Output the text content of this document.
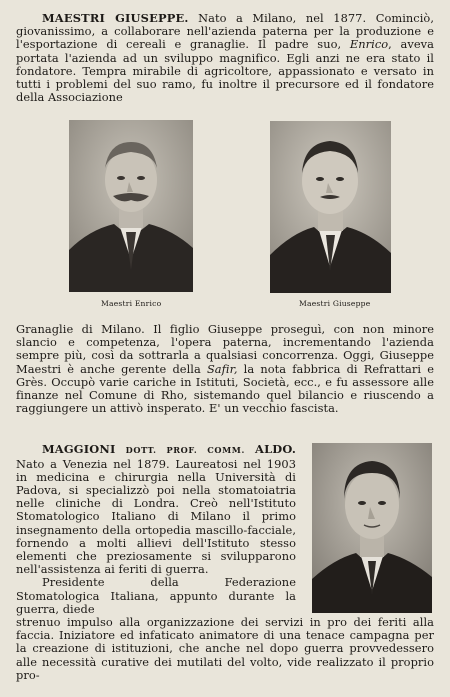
MAESTRI GIUSEPPE. Nato a Milano, nel 1877. Cominciò, giovanissimo, a collaborare nell'azienda paterna per la produzione e l'esportazione di cereali e granaglie. Il padre suo, Enrico, aveva portata l'azienda ad un sviluppo magnifico. Egli anzi ne era stato il fondatore. Tempra mirabile di agricoltore, appassionato e versato in tutti i problemi del suo ramo, fu inoltre il precursore ed il fondatore della Associazione
Maestri Enrico	Maestri Giuseppe
Granaglie di Milano. Il figlio Giuseppe proseguì, con non minore slancio e competenza, l'opera paterna, incrementando l'azienda sempre più, così da sottrarla a qualsiasi concorrenza. Oggi, Giuseppe Maestri è anche gerente della Safir, la nota fabbrica di Refrattari e Grès. Occupò varie cariche in Istituti, Società, ecc., e fu assessore alle finanze nel Comune di Rho, sistemando quel bilancio e riuscendo a raggiungere un attivò insperato. E' un vecchio fascista.
MAGGIONI DOTT. PROF. COMM. ALDO. Nato a Venezia nel 1879. Laureatosi nel 1903 in medicina e chirurgia nella Università di Padova, si specializzò poi nella stomatoiatria nelle cliniche di Londra. Creò nell'Istituto Stomatologico Italiano di Milano il primo insegnamento della ortopedia mascillo-facciale, fornendo a molti allievi dell'Istituto stesso elementi che preziosamente si svilupparono nell'assistenza ai feriti di guerra.
Presidente della Federazione Stomatologica Italiana, appunto durante la guerra, diede
strenuo impulso alla organizzazione dei servizi in pro dei feriti alla faccia. Iniziatore ed infaticato animatore di una tenace campagna per la creazione di istituzioni, che anche nel dopo guerra provvedessero alle necessità curative dei mutilati del volto, vide realizzato il proprio pro-
